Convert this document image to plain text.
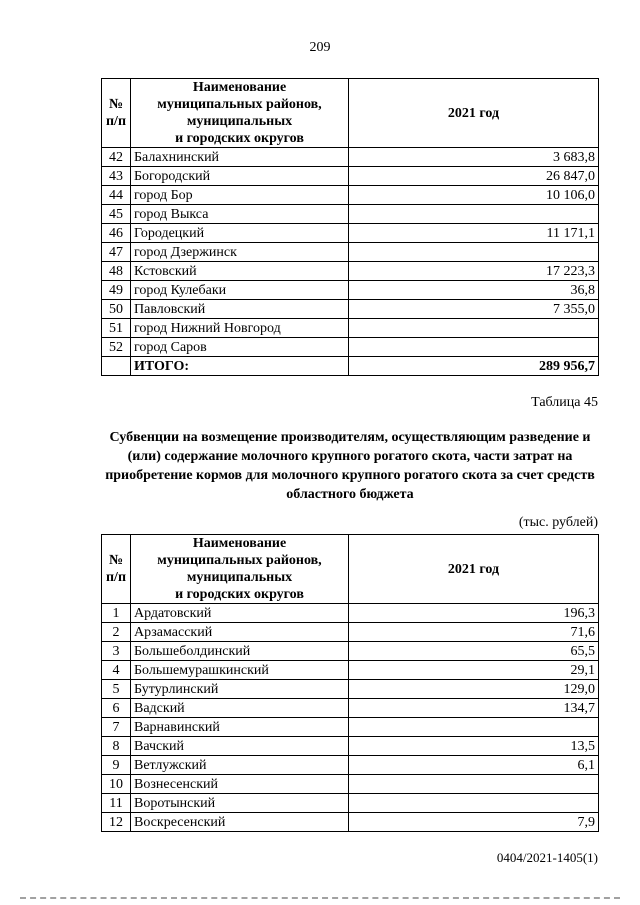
209
№
п/п	Наименование
муниципальных районов,
муниципальных
и городских округов	2021 год
42	Балахнинский	3 683,8
43	Богородский	26 847,0
44	город Бор	10 106,0
45	город Выкса	
46	Городецкий	11 171,1
47	город Дзержинск	
48	Кстовский	17 223,3
49	город Кулебаки	36,8
50	Павловский	7 355,0
51	город Нижний Новгород	
52	город Саров	
	ИТОГО:	289 956,7
Таблица 45
Субвенции на возмещение производителям, осуществляющим разведение и (или) содержание молочного крупного рогатого скота, части затрат на приобретение кормов для молочного крупного рогатого скота за счет средств областного бюджета
(тыс. рублей)
№
п/п	Наименование
муниципальных районов,
муниципальных
и городских округов	2021 год
1	Ардатовский	196,3
2	Арзамасский	71,6
3	Большеболдинский	65,5
4	Большемурашкинский	29,1
5	Бутурлинский	129,0
6	Вадский	134,7
7	Варнавинский	
8	Вачский	13,5
9	Ветлужский	6,1
10	Вознесенский	
11	Воротынский	
12	Воскресенский	7,9
0404/2021-1405(1)
